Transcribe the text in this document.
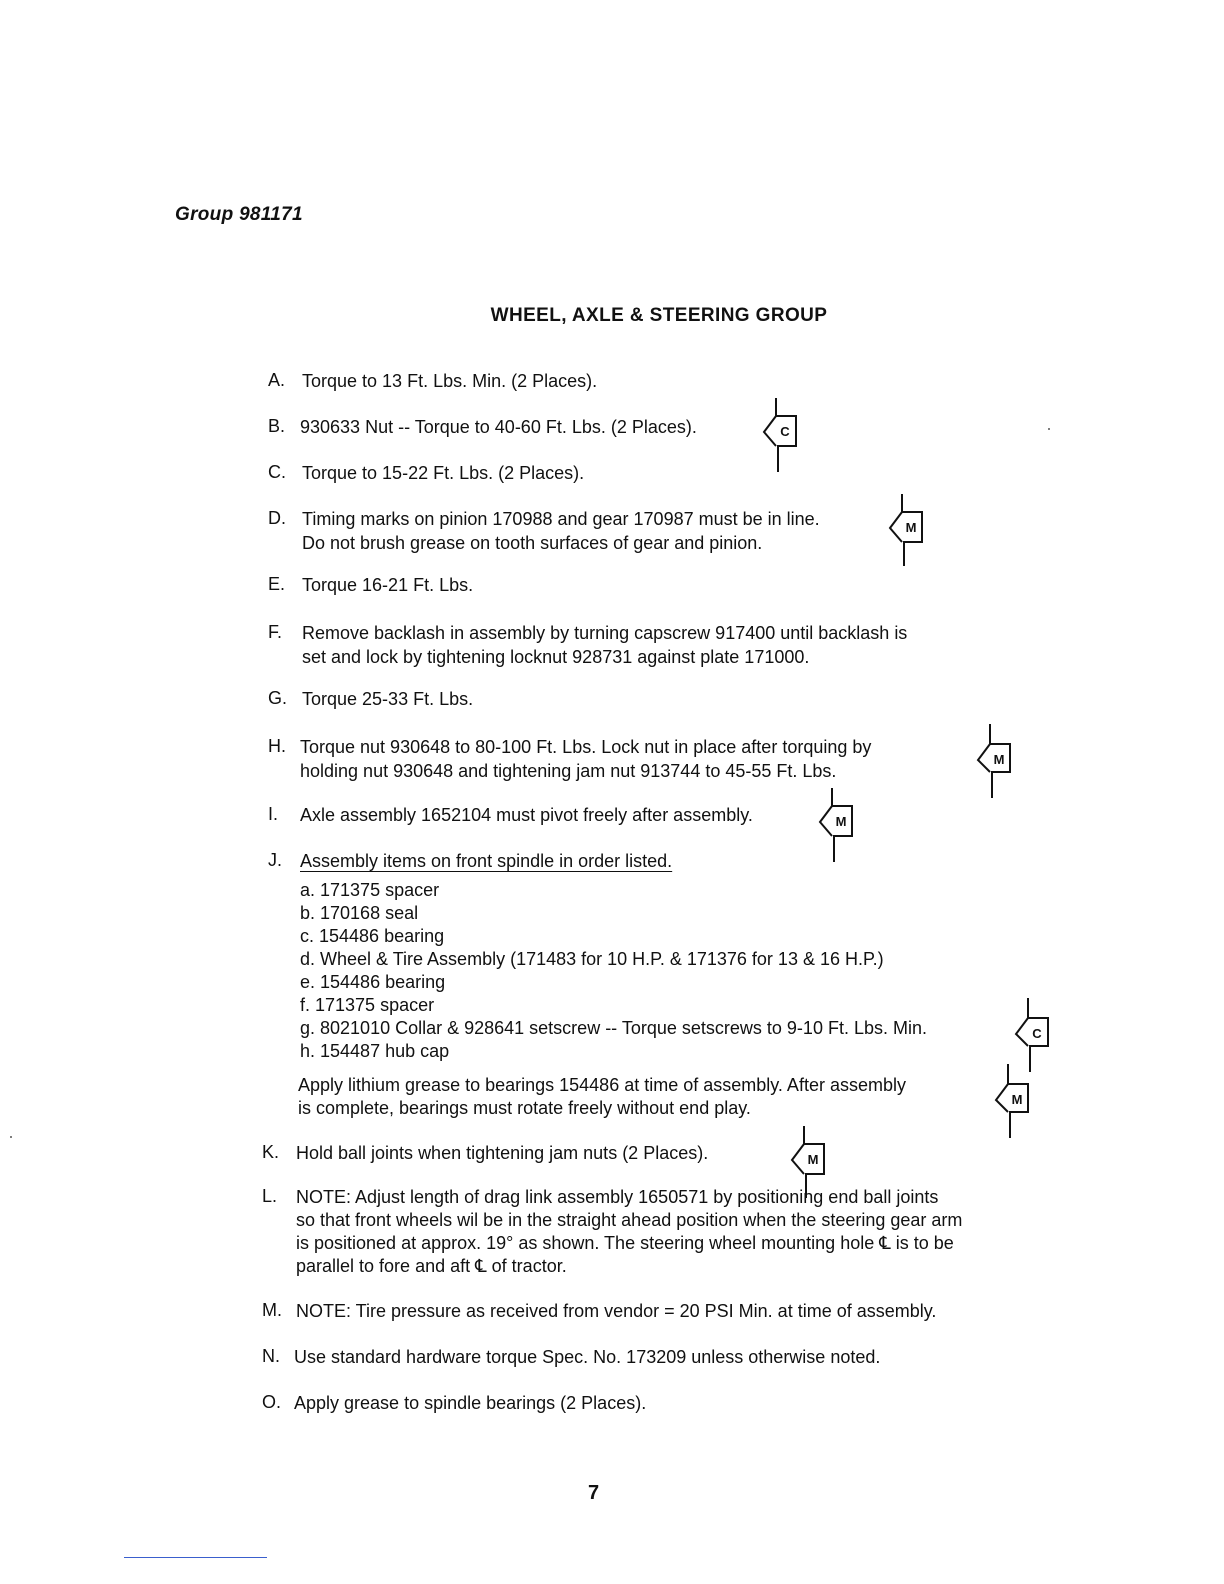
Group 981171
WHEEL, AXLE & STEERING GROUP
A. Torque to 13 Ft. Lbs. Min. (2 Places).
B. 930633 Nut -- Torque to 40-60 Ft. Lbs. (2 Places).	C
C. Torque to 15-22 Ft. Lbs. (2 Places).
D. Timing marks on pinion 170988 and gear 170987 must be in line.
Do not brush grease on tooth surfaces of gear and pinion.
M
E. Torque 16-21 Ft. Lbs.
F. Remove backlash in assembly by turning capscrew 917400 until backlash is
set and lock by tightening locknut 928731 against plate 171000.
G. Torque 25-33 Ft. Lbs.
H. Torque nut 930648 to 80-100 Ft. Lbs. Lock nut in place after torquing by
holding nut 930648 and tightening jam nut 913744 to 45-55 Ft. Lbs.
M
I. Axle assembly 1652104 must pivot freely after assembly.	M
J. Assembly items on front spindle in order listed.
a. 171375 spacer
b. 170168 seal
c. 154486 bearing
d. Wheel & Tire Assembly (171483 for 10 H.P. & 171376 for 13 & 16 H.P.)
e. 154486 bearing
f. 171375 spacer
g. 8021010 Collar & 928641 setscrew -- Torque setscrews to 9-10 Ft. Lbs. Min.
h. 154487 hub cap
C
Apply lithium grease to bearings 154486 at time of assembly. After assembly
is complete, bearings must rotate freely without end play.	M
K. Hold ball joints when tightening jam nuts (2 Places).	M
L. NOTE: Adjust length of drag link assembly 1650571 by positioning end ball joints
so that front wheels wil be in the straight ahead position when the steering gear arm
is positioned at approx. 19° as shown. The steering wheel mounting hole ℄ is to be
parallel to fore and aft ℄ of tractor.
M. NOTE: Tire pressure as received from vendor = 20 PSI Min. at time of assembly.
N. Use standard hardware torque Spec. No. 173209 unless otherwise noted.
O. Apply grease to spindle bearings (2 Places).
7
